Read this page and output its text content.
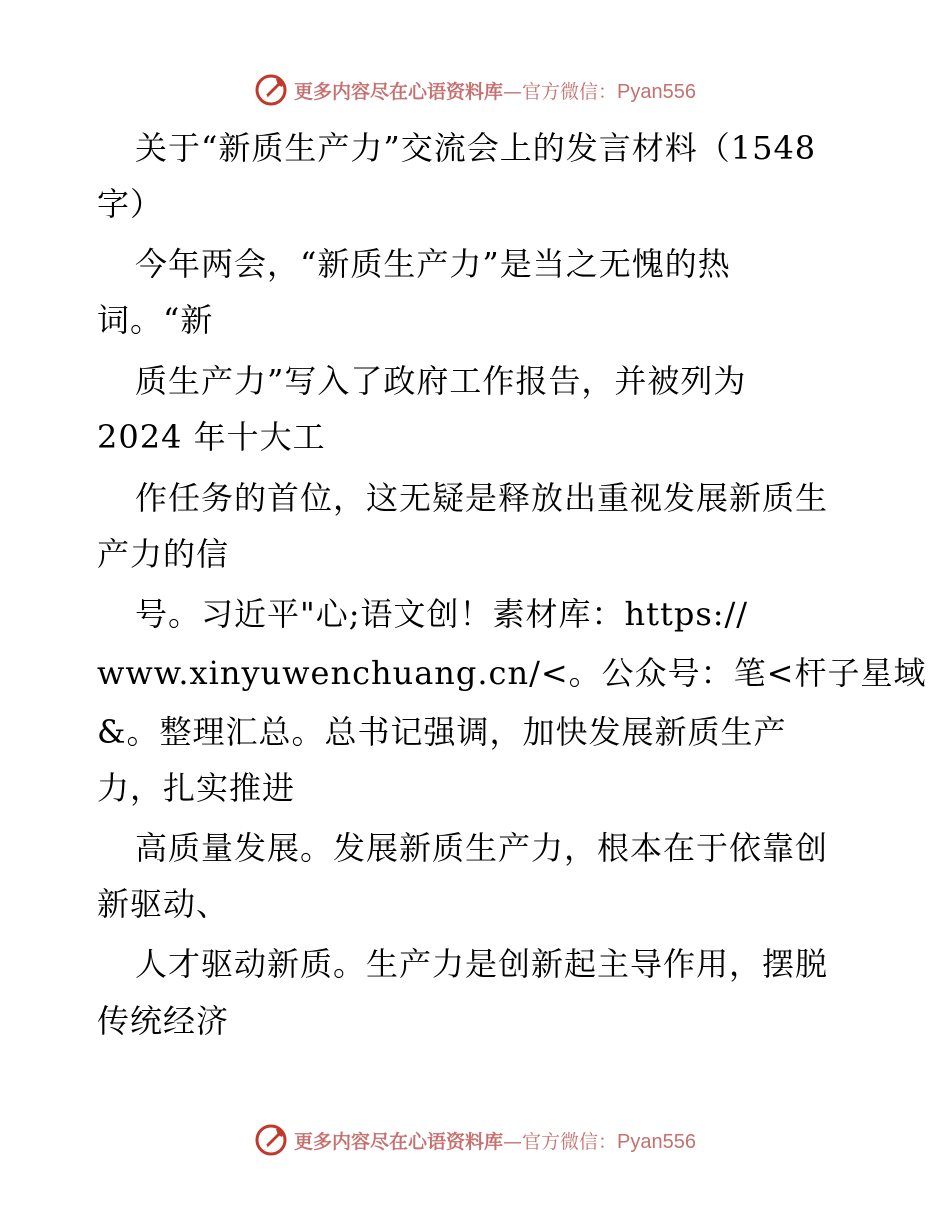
更多内容尽在心语资料库 — 官方微信： Pyan556
关于“新质生产力”交流会上的发言材料（1548
字）
今年两会，“新质生产力”是当之无愧的热
词。“新
质生产力”写入了政府工作报告，并被列为
2024 年十大工
作任务的首位，这无疑是释放出重视发展新质生
产力的信
号。习近平"心;语文创！素材库：https://
www.xinyuwenchuang.cn/<。公众号：笔<杆子星域
&。整理汇总。总书记强调，加快发展新质生产
力，扎实推进
高质量发展。发展新质生产力，根本在于依靠创
新驱动、
人才驱动新质。生产力是创新起主导作用，摆脱
传统经济
更多内容尽在心语资料库 — 官方微信： Pyan556
